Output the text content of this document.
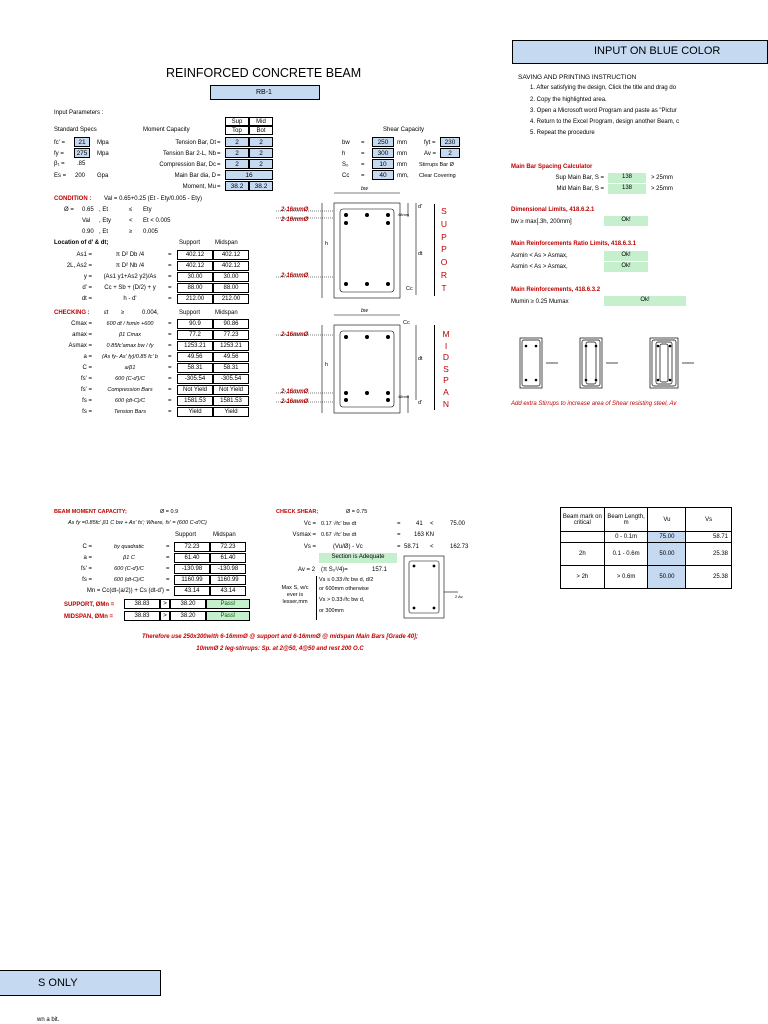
INPUT ON BLUE COLOR
REINFORCED CONCRETE BEAM
RB-1
SAVING AND PRINTING INSTRUCTION
1. After satisfying the design, Click the title and drag do
2. Copy the highlighted area.
3. Open a Microsoft word Program and paste as "Pictur
4. Return to the Excel Program, design another Beam, c
5. Repeat the procedure
Input Parameters :
Standard Specs	Moment Capacity	Shear Capacity
Sup	Mid
Top	Bot
fc' =	21	Mpa
fy =	275	Mpa
β₁ = .85
Es = 200 Gpa
Tension Bar, Dt =	2	2
Tension Bar 2-L, Nb =	2	2
Compression Bar, Dc =	2	2
Main Bar dia, D =	16
Moment, Mu =	38.2	38.2
bw =	250	mm	fyt =	230
h	=	300	mm	Av =	2
S₀ =	10	mm Stirrups Bar Ø
Cc =	40	mm, Clear Covering
CONDITION : Val = 0.65+0.25 (Et - Ety/0.005 - Ety)
Ø = 0.65 , Et	≤ Ety
Val , Ety	< Et < 0.005
0.90 , Et	≥ 0.005
Location of d' & dt;	Support Midspan
As1 =	π D² Db /4	=	402.12	402.12
2L, As2 =	π D² Nb /4	=	402.12	402.12
y =	(As1 y1+As2 y2)/As	=	30.00	30.00
d' =	Cc + Sb + (D/2) + y	=	88.00	88.00
dt =	h - d'	=	212.00	212.00
Cmax =	600 dt / fsmin +600	=	90.9	90.86
amax =	β1 Cmax	=	77.2	77.23
Asmax =	0.85fc'amax bw / fy	=	1253.21	1253.21
a =	(As fy- As' fy)/0.85 fc' b	=	49.56	49.56
C =	a/β1	=	58.31	58.31
fs' =	600 (C-d')/C	=	-305.54	-305.54
fs' =	Compression Bars	=	Not Yield	Not Yield
fs =	600 (dt-C)/C	=	1581.53	1581.53
fs =	Tension Bars	=	Yield	Yield
CHECKING : εt ≥	0.004,	Support Midspan
2-16mmØ
2-16mmØ
2-16mmØ
2-16mmØ
2-16mmØ
2-16mmØ
bw
h
dt
d'
Cc
48mm
bw
h
dt
d'
Cc
48mm
S
U
P
P
O
R
T
M
I
D
S
P
A
N
Main Bar Spacing Calculator
Sup Main Bar, S =	138	> 25mm
Mid Main Bar, S =	138	> 25mm
Dimensional Limits, 418.6.2.1
bw ≥ max[.3h, 200mm]	Ok!
Main Reinforcements Ratio Limits, 418.6.3.1
Asmin < As > Asmax,	Ok!
Asmin < As > Asmax,	Ok!
Main Reinforcements, 418.6.3.2
Mumin ≥ 0.25 Mumax	Ok!
Add extra Stirrups to increase area of Shear resisting steel, Av
BEAM MOMENT CAPACITY;	Ø = 0.9
As fy =0.85fc' β1 C bw + As' fs'; Where, fs' = (600 C-d'/C)
Support	Midspan
C =	by quadratic	=	72.23	72.23
a =	β1 C	=	61.40	61.40
fs' =	600 (C-d')/C	=	-130.98	-130.98
fs =	600 (dt-C)/C	=	1160.99	1160.99
Mn = Cc(dt-(a/2)) + Cs (dt-d') =	43.14	43.14
SUPPORT, ØMn =	38.83	>	38.20	Pass!
MIDSPAN, ØMn =	38.83	>	38.20	Pass!
CHECK SHEAR;	Ø = 0.75
Vc = 0.17 √fc' bw dt	=	41 <	75.00
Vsmax = 0.67 √fc' bw dt	= 163 KN
Vs =	(Vu/Ø) - Vc	= 58.71 <	162.73
Section is Adequate
Av = 2 (π S₀²/4)=	157.1
Max S, w/c
ever is
lesser,mm
Vs ≤ 0.33√fc bw d, d/2
or 600mm otherwise
Vs > 0.33√fc bw d,
or 300mm
2 Av
Beam mark on critical	Beam Length, m	Vu	Vs
	0 - 0.1m	75.00	58.71
2h	0.1 - 0.6m	50.00	25.38
> 2h	> 0.6m	50.00	25.38
Therefore use 250x300with 6-16mmØ @ support and 6-16mmØ @ midspan Main Bars [Grade 40];
10mmØ 2 leg-stirrups: Sp. at 2@50, 4@50 and rest 200 O.C
S ONLY
wn a bit.
